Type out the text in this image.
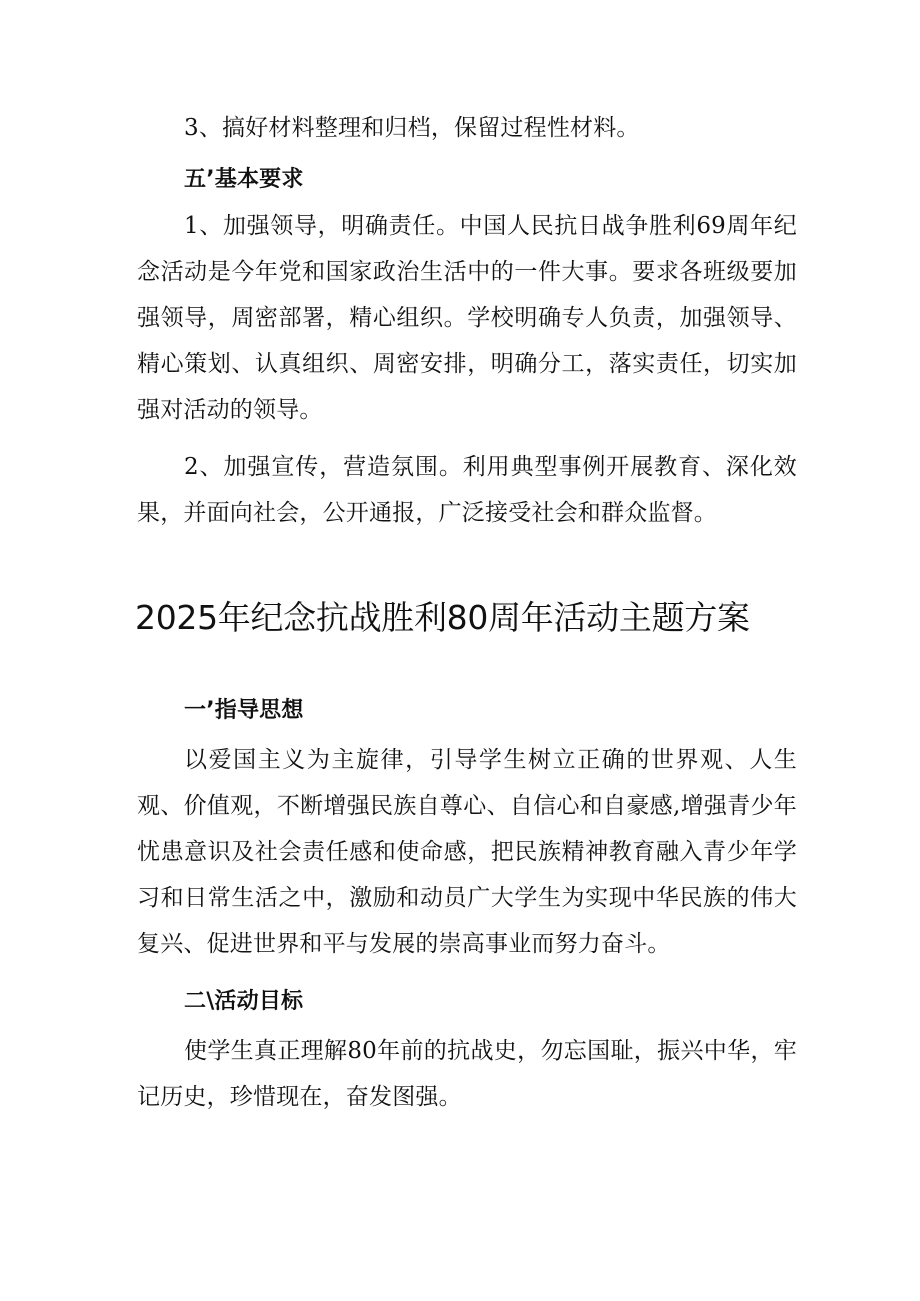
3、搞好材料整理和归档，保留过程性材料。

五’基本要求

1、加强领导，明确责任。中国人民抗日战争胜利69周年纪念活动是今年党和国家政治生活中的一件大事。要求各班级要加强领导，周密部署，精心组织。学校明确专人负责，加强领导、精心策划、认真组织、周密安排，明确分工，落实责任，切实加强对活动的领导。

2、加强宣传，营造氛围。利用典型事例开展教育、深化效果，并面向社会，公开通报，广泛接受社会和群众监督。

2025年纪念抗战胜利80周年活动主题方案

一’指导思想

以爱国主义为主旋律，引导学生树立正确的世界观、人生观、价值观，不断增强民族自尊心、自信心和自豪感,增强青少年忧患意识及社会责任感和使命感，把民族精神教育融入青少年学习和日常生活之中，激励和动员广大学生为实现中华民族的伟大复兴、促进世界和平与发展的崇高事业而努力奋斗。

二\活动目标

使学生真正理解80年前的抗战史，勿忘国耻，振兴中华，牢记历史，珍惜现在，奋发图强。
